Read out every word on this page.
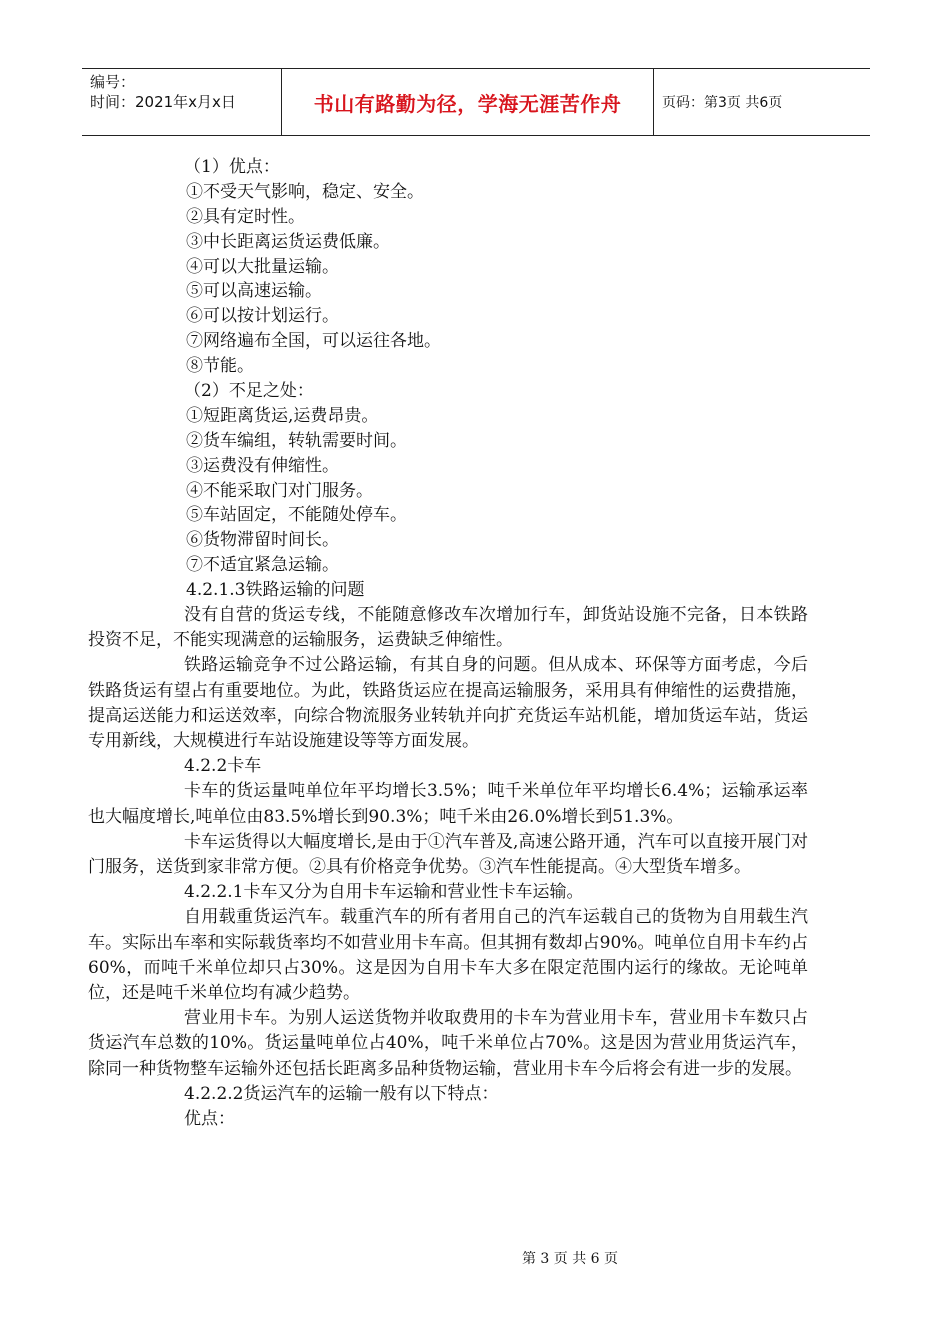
编号：
时间：2021年x月x日	书山有路勤为径，学海无涯苦作舟	页码：第3页 共6页
（1）优点：
①不受天气影响，稳定、安全。
②具有定时性。
③中长距离运货运费低廉。
④可以大批量运输。
⑤可以高速运输。
⑥可以按计划运行。
⑦网络遍布全国，可以运往各地。
⑧节能。
（2）不足之处：
①短距离货运,运费昂贵。
②货车编组，转轨需要时间。
③运费没有伸缩性。
④不能采取门对门服务。
⑤车站固定，不能随处停车。
⑥货物滞留时间长。
⑦不适宜紧急运输。
4.2.1.3铁路运输的问题
没有自营的货运专线，不能随意修改车次增加行车，卸货站设施不完备，日本铁路投资不足，不能实现满意的运输服务，运费缺乏伸缩性。
铁路运输竞争不过公路运输，有其自身的问题。但从成本、环保等方面考虑，今后铁路货运有望占有重要地位。为此，铁路货运应在提高运输服务，采用具有伸缩性的运费措施，提高运送能力和运送效率，向综合物流服务业转轨并向扩充货运车站机能，增加货运车站，货运专用新线，大规模进行车站设施建设等等方面发展。
4.2.2卡车
卡车的货运量吨单位年平均增长3.5%；吨千米单位年平均增长6.4%；运输承运率也大幅度增长,吨单位由83.5%增长到90.3%；吨千米由26.0%增长到51.3%。
卡车运货得以大幅度增长,是由于①汽车普及,高速公路开通，汽车可以直接开展门对门服务，送货到家非常方便。②具有价格竞争优势。③汽车性能提高。④大型货车增多。
4.2.2.1卡车又分为自用卡车运输和营业性卡车运输。
自用载重货运汽车。载重汽车的所有者用自己的汽车运载自己的货物为自用载生汽车。实际出车率和实际载货率均不如营业用卡车高。但其拥有数却占90%。吨单位自用卡车约占60%，而吨千米单位却只占30%。这是因为自用卡车大多在限定范围内运行的缘故。无论吨单位，还是吨千米单位均有减少趋势。
营业用卡车。为别人运送货物并收取费用的卡车为营业用卡车，营业用卡车数只占货运汽车总数的10%。货运量吨单位占40%，吨千米单位占70%。这是因为营业用货运汽车，除同一种货物整车运输外还包括长距离多品种货物运输，营业用卡车今后将会有进一步的发展。
4.2.2.2货运汽车的运输一般有以下特点：
优点：
第 3 页 共 6 页
